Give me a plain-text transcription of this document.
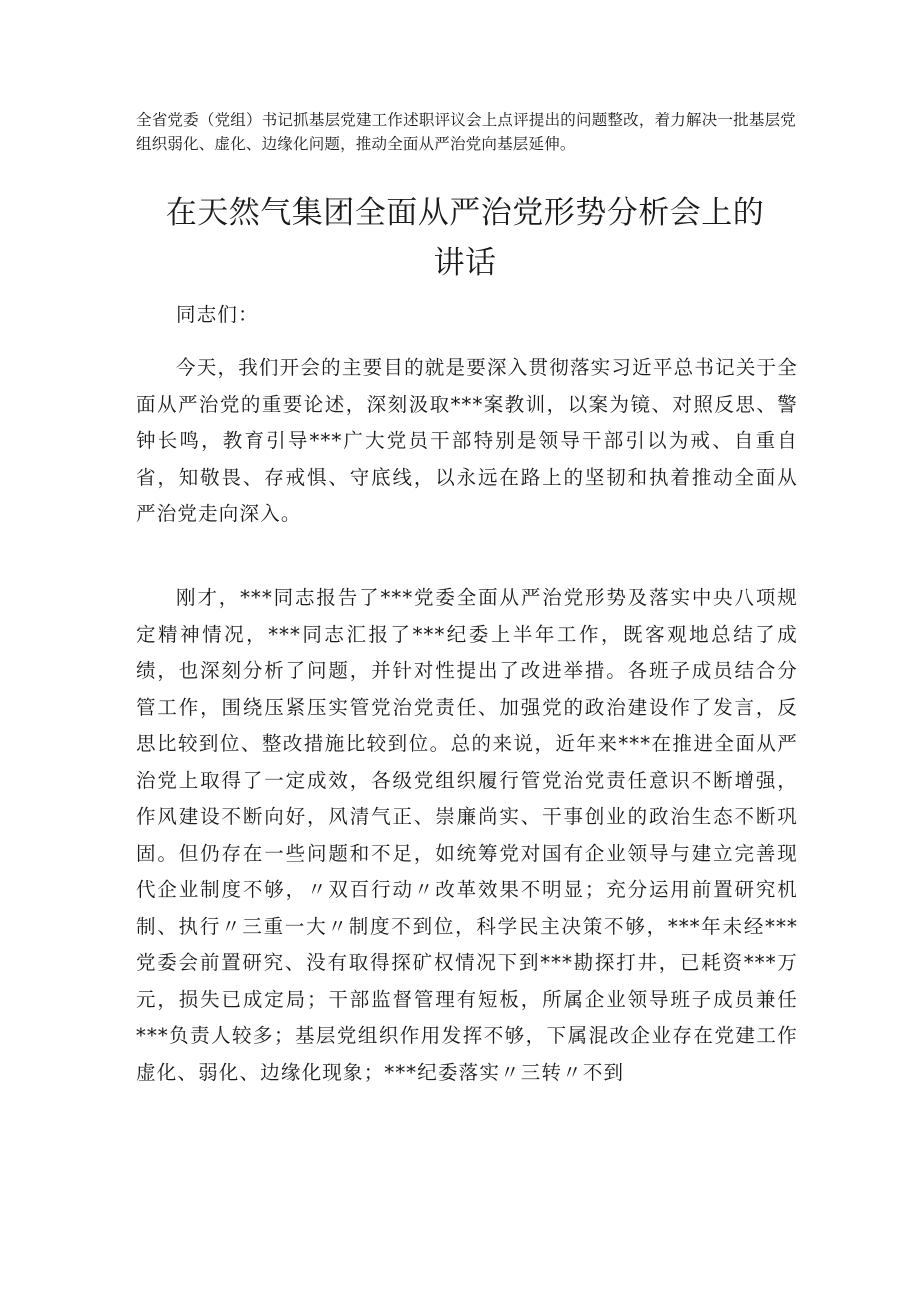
全省党委（党组）书记抓基层党建工作述职评议会上点评提出的问题整改，着力解决一批基层党组织弱化、虚化、边缘化问题，推动全面从严治党向基层延伸。

在天然气集团全面从严治党形势分析会上的
讲话

同志们：

今天，我们开会的主要目的就是要深入贯彻落实习近平总书记关于全面从严治党的重要论述，深刻汲取***案教训，以案为镜、对照反思、警钟长鸣，教育引导***广大党员干部特别是领导干部引以为戒、自重自省，知敬畏、存戒惧、守底线，以永远在路上的坚韧和执着推动全面从严治党走向深入。

刚才，***同志报告了***党委全面从严治党形势及落实中央八项规定精神情况，***同志汇报了***纪委上半年工作，既客观地总结了成绩，也深刻分析了问题，并针对性提出了改进举措。各班子成员结合分管工作，围绕压紧压实管党治党责任、加强党的政治建设作了发言，反思比较到位、整改措施比较到位。总的来说，近年来***在推进全面从严治党上取得了一定成效，各级党组织履行管党治党责任意识不断增强，作风建设不断向好，风清气正、崇廉尚实、干事创业的政治生态不断巩固。但仍存在一些问题和不足，如统筹党对国有企业领导与建立完善现代企业制度不够，〃双百行动〃改革效果不明显；充分运用前置研究机制、执行〃三重一大〃制度不到位，科学民主决策不够，***年未经***党委会前置研究、没有取得探矿权情况下到***勘探打井，已耗资***万元，损失已成定局；干部监督管理有短板，所属企业领导班子成员兼任***负责人较多；基层党组织作用发挥不够，下属混改企业存在党建工作虚化、弱化、边缘化现象；***纪委落实〃三转〃不到
